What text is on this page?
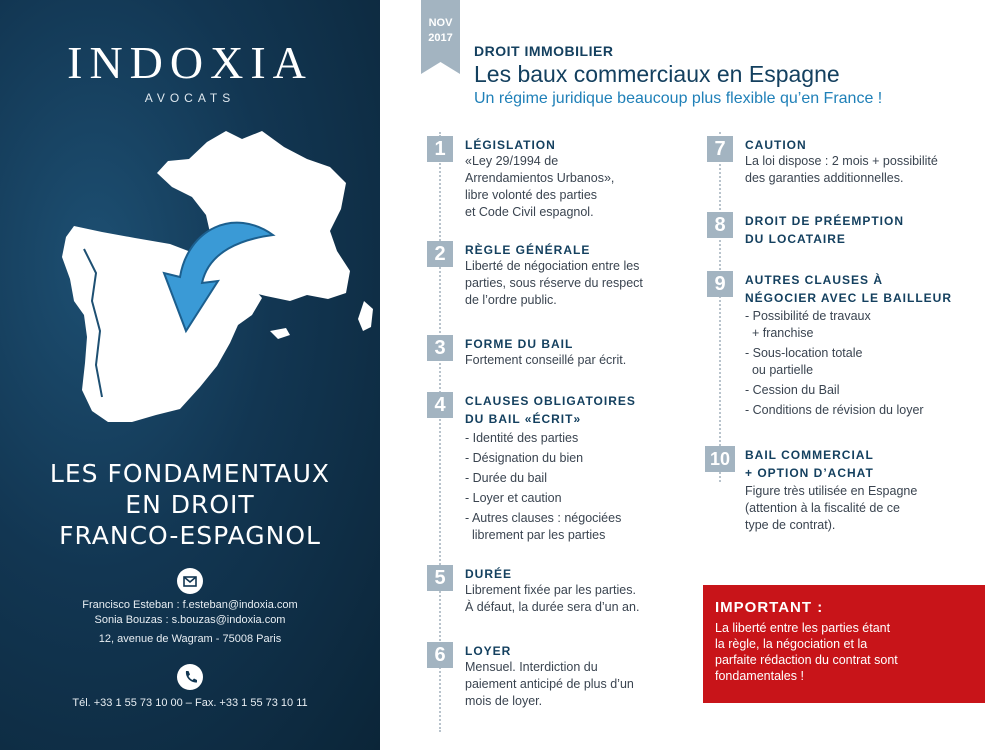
INDOXIA
AVOCATS
LES FONDAMENTAUX
EN DROIT
FRANCO-ESPAGNOL
Francisco Esteban : f.esteban@indoxia.com
Sonia Bouzas : s.bouzas@indoxia.com
12, avenue de Wagram - 75008 Paris
Tél. +33 1 55 73 10 00 – Fax. +33 1 55 73 10 11
NOV
2017
DROIT IMMOBILIER
Les baux commerciaux en Espagne
Un régime juridique beaucoup plus flexible qu’en France !
1	LÉGISLATION
«Ley 29/1994 de
Arrendamientos Urbanos»,
libre volonté des parties
et Code Civil espagnol.
2	RÈGLE GÉNÉRALE
Liberté de négociation entre les
parties, sous réserve du respect
de l’ordre public.
3	FORME DU BAIL
Fortement conseillé par écrit.
4	CLAUSES OBLIGATOIRES
DU BAIL «ÉCRIT»
- Identité des parties
- Désignation du bien
- Durée du bail
- Loyer et caution
- Autres clauses : négociées
librement par les parties
5	DURÉE
Librement fixée par les parties.
À défaut, la durée sera d’un an.
6	LOYER
Mensuel. Interdiction du
paiement anticipé de plus d’un
mois de loyer.
7	CAUTION
La loi dispose : 2 mois + possibilité
des garanties additionnelles.
8	DROIT DE PRÉEMPTION
DU LOCATAIRE
9	AUTRES CLAUSES À
NÉGOCIER AVEC LE BAILLEUR
- Possibilité de travaux
+ franchise
- Sous-location totale
ou partielle
- Cession du Bail
- Conditions de révision du loyer
10	BAIL COMMERCIAL
+ OPTION D’ACHAT
Figure très utilisée en Espagne
(attention à la fiscalité de ce
type de contrat).
IMPORTANT :
La liberté entre les parties étant
la règle, la négociation et la
parfaite rédaction du contrat sont
fondamentales !
